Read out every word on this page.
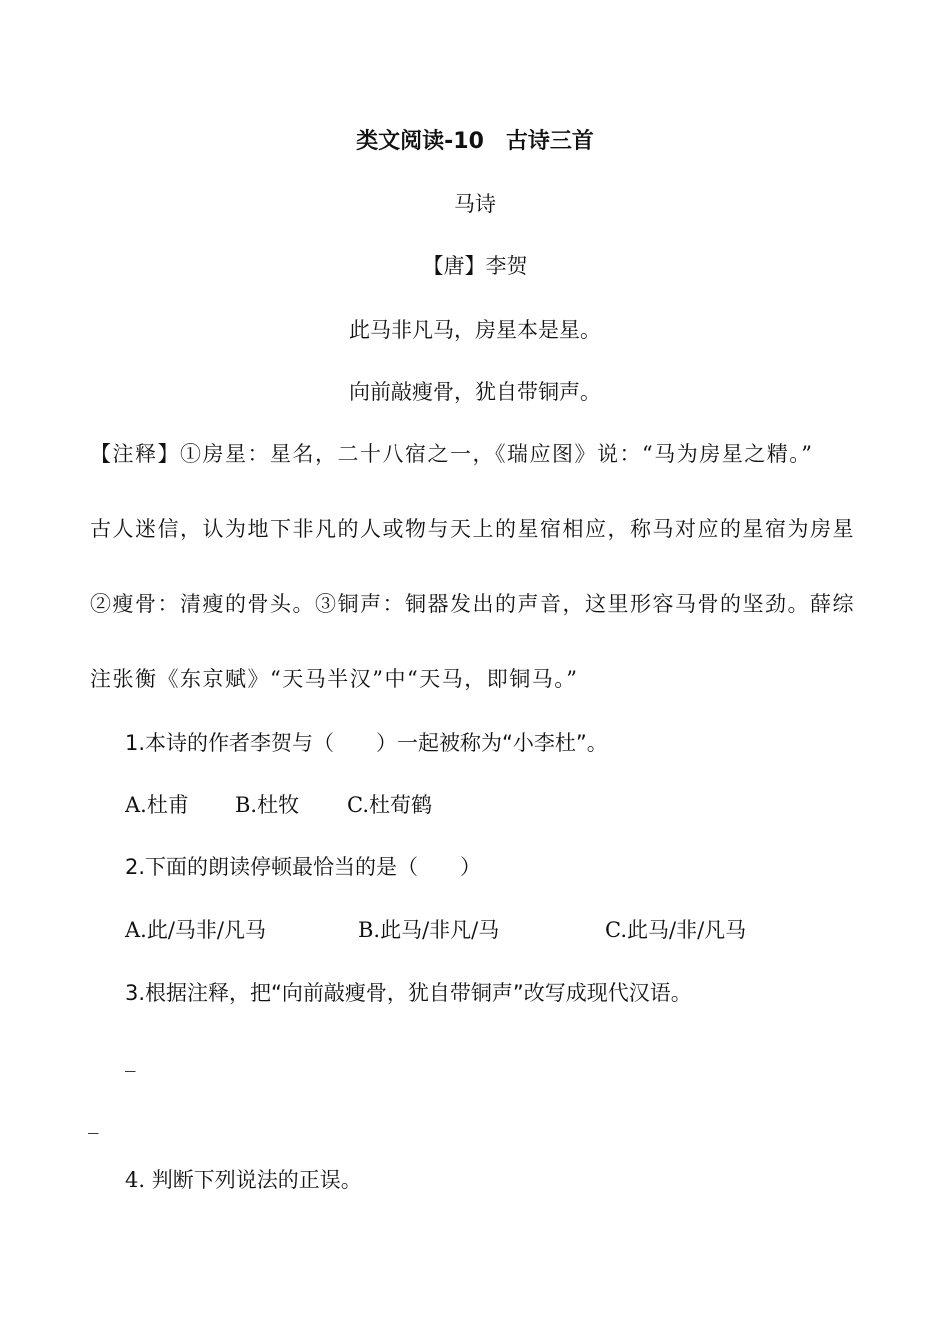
类文阅读-10　古诗三首
马诗
【唐】李贺
此马非凡马，房星本是星。
向前敲瘦骨，犹自带铜声。
【注释】①房星：星名，二十八宿之一，《瑞应图》说：“马为房星之精。”
古人迷信，认为地下非凡的人或物与天上的星宿相应，称马对应的星宿为房星
②瘦骨：清瘦的骨头。③铜声：铜器发出的声音，这里形容马骨的坚劲。薛综
注张衡《东京赋》“天马半汉”中“天马，即铜马。”
1.本诗的作者李贺与（　　）一起被称为“小李杜”。
A.杜甫 B.杜牧 C.杜荀鹤
2.下面的朗读停顿最恰当的是（　　）
A.此/马非/凡马	B.此马/非凡/马	C.此马/非/凡马
3.根据注释，把“向前敲瘦骨，犹自带铜声”改写成现代汉语。
_
_
4. 判断下列说法的正误。
